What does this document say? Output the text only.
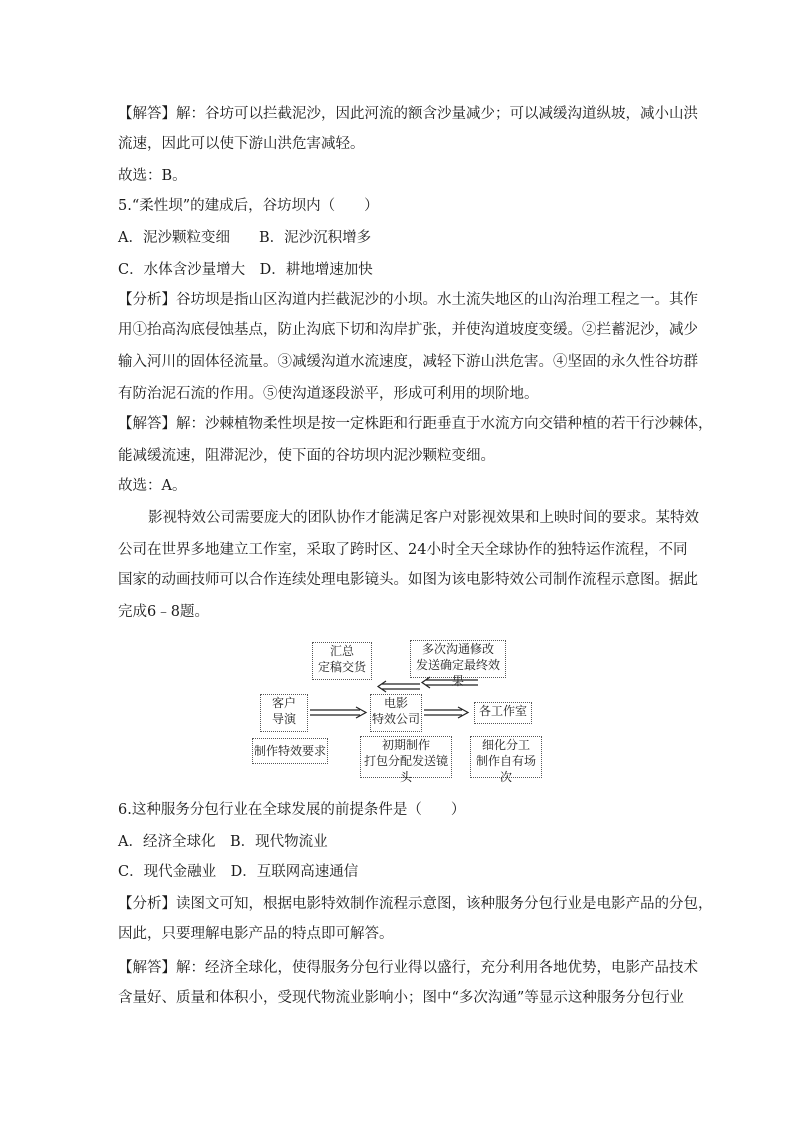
【解答】解：谷坊可以拦截泥沙，因此河流的额含沙量减少；可以减缓沟道纵坡，减小山洪
流速，因此可以使下游山洪危害减轻。
故选：B。
5.“柔性坝”的建成后，谷坊坝内（　　）
A．泥沙颗粒变细　　B．泥沙沉积增多
C．水体含沙量增大　D．耕地增速加快
【分析】谷坊坝是指山区沟道内拦截泥沙的小坝。水土流失地区的山沟治理工程之一。其作
用①抬高沟底侵蚀基点，防止沟底下切和沟岸扩张，并使沟道坡度变缓。②拦蓄泥沙，减少
输入河川的固体径流量。③减缓沟道水流速度，减轻下游山洪危害。④坚固的永久性谷坊群
有防治泥石流的作用。⑤使沟道逐段淤平，形成可利用的坝阶地。
【解答】解：沙棘植物柔性坝是按一定株距和行距垂直于水流方向交错种植的若干行沙棘体，
能减缓流速，阻滞泥沙，使下面的谷坊坝内泥沙颗粒变细。
故选：A。
影视特效公司需要庞大的团队协作才能满足客户对影视效果和上映时间的要求。某特效
公司在世界多地建立工作室，采取了跨时区、24小时全天全球协作的独特运作流程，不同
国家的动画技师可以合作连续处理电影镜头。如图为该电影特效公司制作流程示意图。据此
完成6﹣8题。
汇总
定稿交货
多次沟通修改
发送确定最终效果
客户
导演
电影
特效公司
各工作室
制作特效要求	初期制作
打包分配发送镜头
细化分工
制作自有场次
6.这种服务分包行业在全球发展的前提条件是（　　）
A．经济全球化　B．现代物流业
C．现代金融业　D．互联网高速通信
【分析】读图文可知，根据电影特效制作流程示意图，该种服务分包行业是电影产品的分包，
因此，只要理解电影产品的特点即可解答。
【解答】解：经济全球化，使得服务分包行业得以盛行，充分利用各地优势，电影产品技术
含量好、质量和体积小，受现代物流业影响小；图中“多次沟通”等显示这种服务分包行业
